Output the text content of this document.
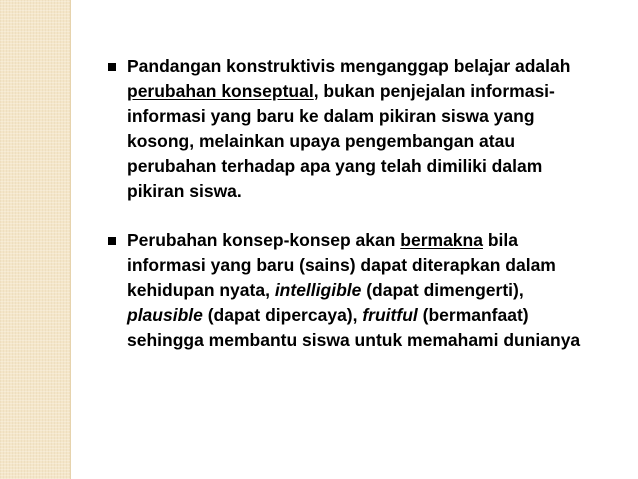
Pandangan konstruktivis menganggap belajar adalah perubahan konseptual, bukan penjejalan informasi-informasi yang baru ke dalam pikiran siswa yang kosong, melainkan upaya pengembangan atau perubahan terhadap apa yang telah dimiliki dalam pikiran siswa.

Perubahan konsep-konsep akan bermakna bila informasi yang baru (sains) dapat diterapkan dalam kehidupan nyata, intelligible (dapat dimengerti), plausible (dapat dipercaya), fruitful (bermanfaat) sehingga membantu siswa untuk memahami dunianya
